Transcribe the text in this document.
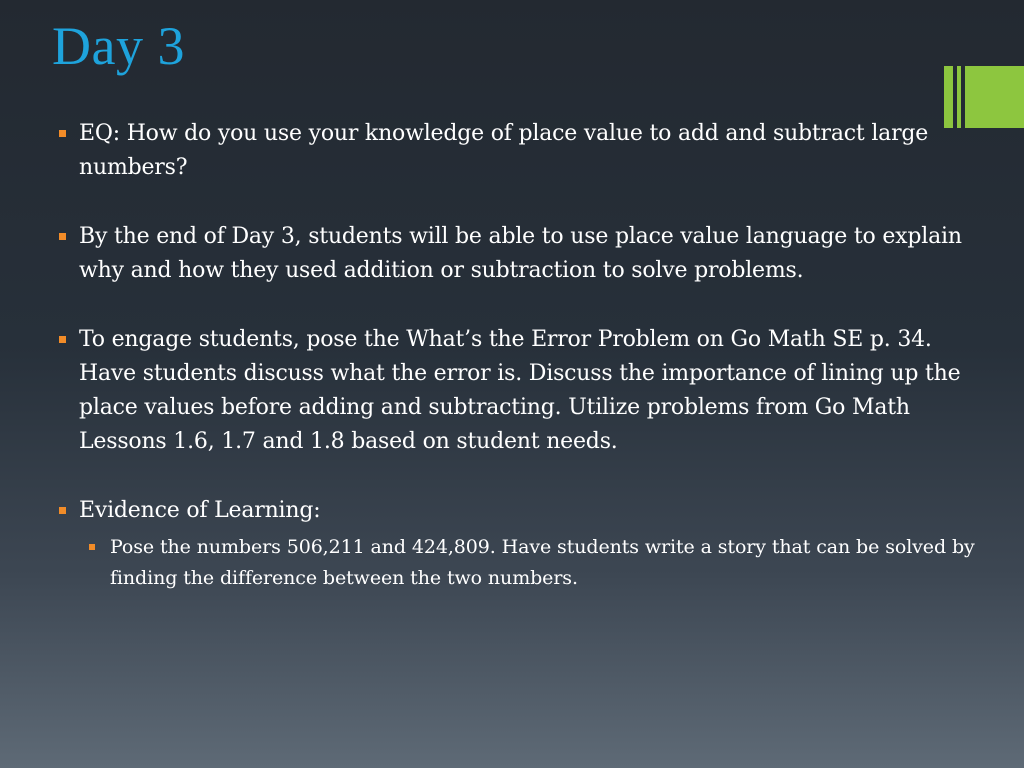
Day 3
EQ: How do you use your knowledge of place value to add and subtract large numbers?
By the end of Day 3, students will be able to use place value language to explain why and how they used addition or subtraction to solve problems.
To engage students, pose the What’s the Error Problem on Go Math SE p. 34. Have students discuss what the error is. Discuss the importance of lining up the place values before adding and subtracting. Utilize problems from Go Math Lessons 1.6, 1.7 and 1.8 based on student needs.
Evidence of Learning:
Pose the numbers 506,211 and 424,809. Have students write a story that can be solved by finding the difference between the two numbers.
